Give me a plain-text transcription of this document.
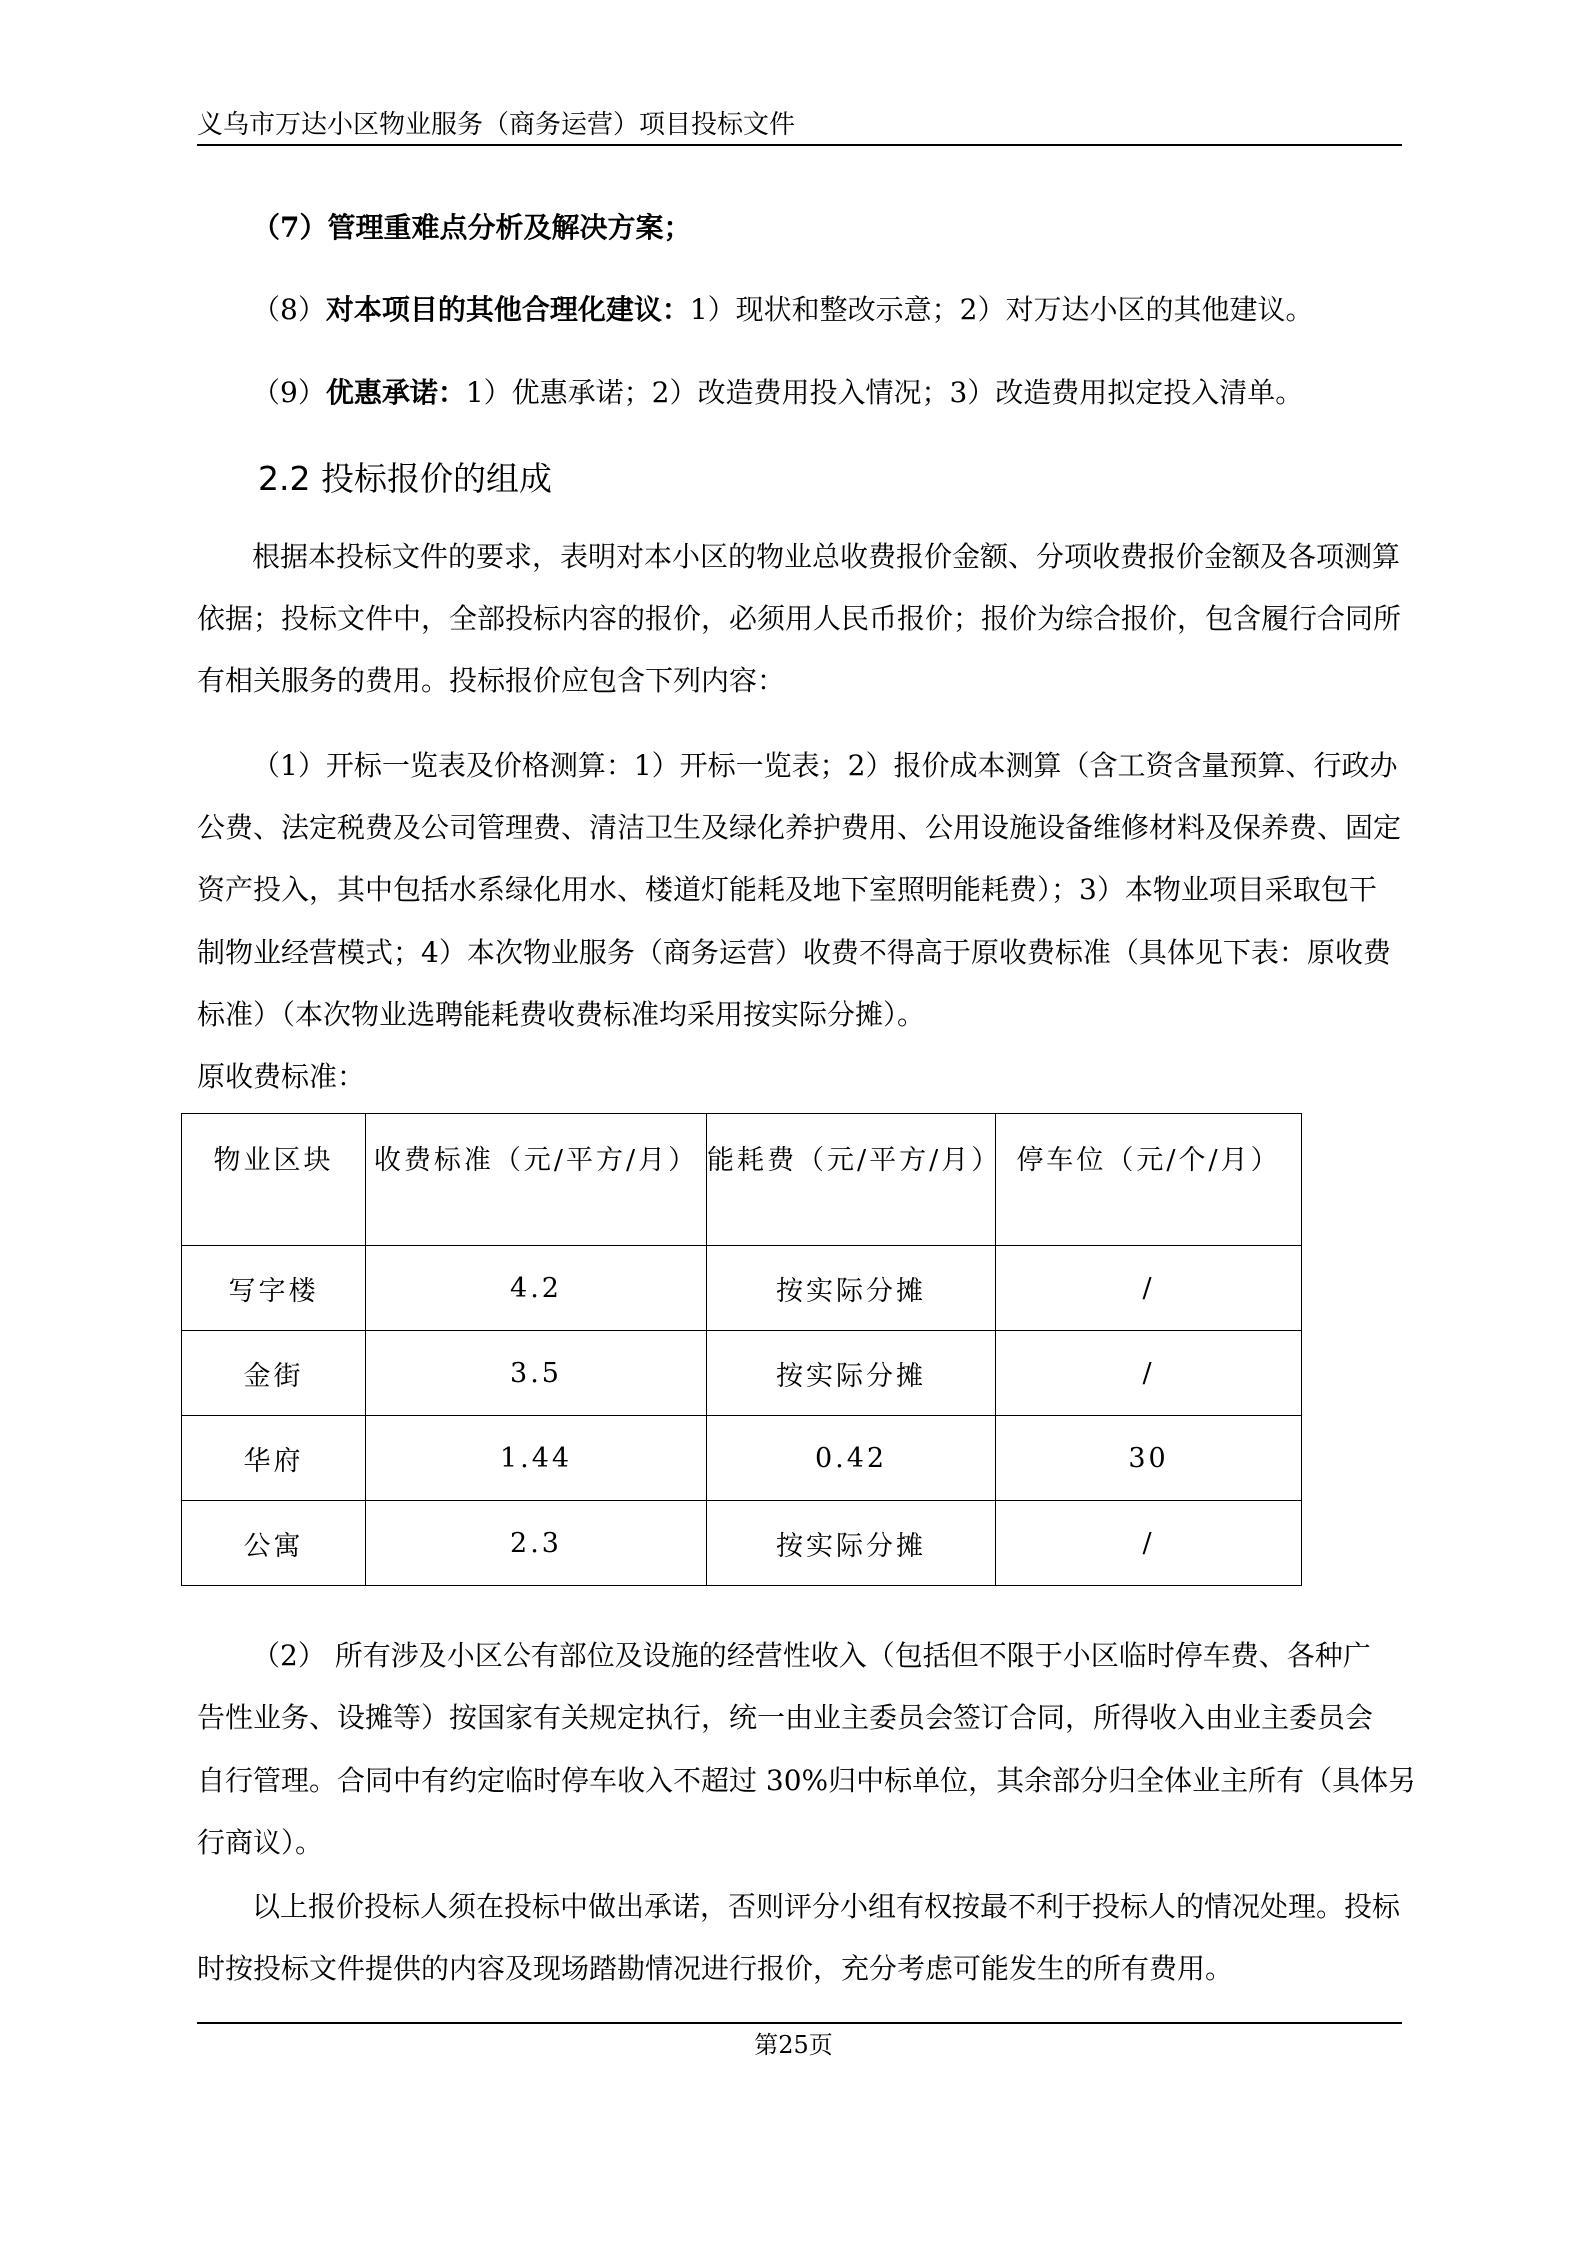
义乌市万达小区物业服务（商务运营）项目投标文件
（7）管理重难点分析及解决方案；
（8）对本项目的其他合理化建议：1）现状和整改示意；2）对万达小区的其他建议。
（9）优惠承诺：1）优惠承诺；2）改造费用投入情况；3）改造费用拟定投入清单。
2.2 投标报价的组成
根据本投标文件的要求，表明对本小区的物业总收费报价金额、分项收费报价金额及各项测算
依据；投标文件中，全部投标内容的报价，必须用人民币报价；报价为综合报价，包含履行合同所
有相关服务的费用。投标报价应包含下列内容：
（1）开标一览表及价格测算：1）开标一览表；2）报价成本测算（含工资含量预算、行政办
公费、法定税费及公司管理费、清洁卫生及绿化养护费用、公用设施设备维修材料及保养费、固定
资产投入，其中包括水系绿化用水、楼道灯能耗及地下室照明能耗费）；3）本物业项目采取包干
制物业经营模式；4）本次物业服务（商务运营）收费不得高于原收费标准（具体见下表：原收费
标准）（本次物业选聘能耗费收费标准均采用按实际分摊）。
原收费标准：
物业区块	收费标准（元/平方/月）	能耗费（元/平方/月）	停车位（元/个/月）
写字楼	4.2	按实际分摊	/
金街	3.5	按实际分摊	/
华府	1.44	0.42	30
公寓	2.3	按实际分摊	/
（2） 所有涉及小区公有部位及设施的经营性收入（包括但不限于小区临时停车费、各种广
告性业务、设摊等）按国家有关规定执行，统一由业主委员会签订合同，所得收入由业主委员会
自行管理。合同中有约定临时停车收入不超过 30%归中标单位，其余部分归全体业主所有（具体另
行商议）。
以上报价投标人须在投标中做出承诺，否则评分小组有权按最不利于投标人的情况处理。投标
时按投标文件提供的内容及现场踏勘情况进行报价，充分考虑可能发生的所有费用。
第25页
